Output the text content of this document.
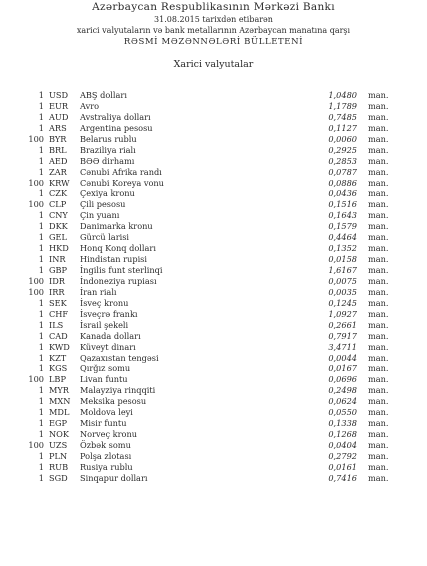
Azərbaycan Respublikasının Mərkəzi Bankı
31.08.2015 tarixdən etibarən
xarici valyutaların və bank metallarının Azərbaycan manatına qarşı
RƏSMİ MƏZƏNNƏLƏRİ BÜLLETENİ
Xarici valyutalar
1 USD	ABŞ dolları	1,0480 man.
1 EUR	Avro	1,1789 man.
1 AUD	Avstraliya dolları	0,7485 man.
1 ARS	Argentina pesosu	0,1127 man.
100 BYR	Belarus rublu	0,0060 man.
1 BRL	Braziliya rialı	0,2925 man.
1 AED	BƏƏ dirhamı	0,2853 man.
1 ZAR	Cənubi Afrika randı	0,0787 man.
100 KRW	Cənubi Koreya vonu	0,0886 man.
1 CZK	Çexiya kronu	0,0436 man.
100 CLP	Çili pesosu	0,1516 man.
1 CNY	Çin yuanı	0,1643 man.
1 DKK	Danimarka kronu	0,1579 man.
1 GEL	Gürcü larisi	0,4464 man.
1 HKD	Honq Konq dolları	0,1352 man.
1 INR	Hindistan rupisi	0,0158 man.
1 GBP	İngilis funt sterlinqi	1,6167 man.
100 IDR	İndoneziya rupiası	0,0075 man.
100 IRR	İran rialı	0,0035 man.
1 SEK	İsveç kronu	0,1245 man.
1 CHF	İsveçrə frankı	1,0927 man.
1 ILS	İsrail şekeli	0,2661 man.
1 CAD	Kanada dolları	0,7917 man.
1 KWD	Küveyt dinarı	3,4711 man.
1 KZT	Qazaxıstan tengəsi	0,0044 man.
1 KGS	Qırğız somu	0,0167 man.
100 LBP	Livan funtu	0,0696 man.
1 MYR	Malayziya rinqqiti	0,2498 man.
1 MXN	Meksika pesosu	0,0624 man.
1 MDL	Moldova leyi	0,0550 man.
1 EGP	Misir funtu	0,1338 man.
1 NOK	Norveç kronu	0,1268 man.
100 UZS	Özbək somu	0,0404 man.
1 PLN	Polşa zlotası	0,2792 man.
1 RUB	Rusiya rublu	0,0161 man.
1 SGD	Sinqapur dolları	0,7416 man.
